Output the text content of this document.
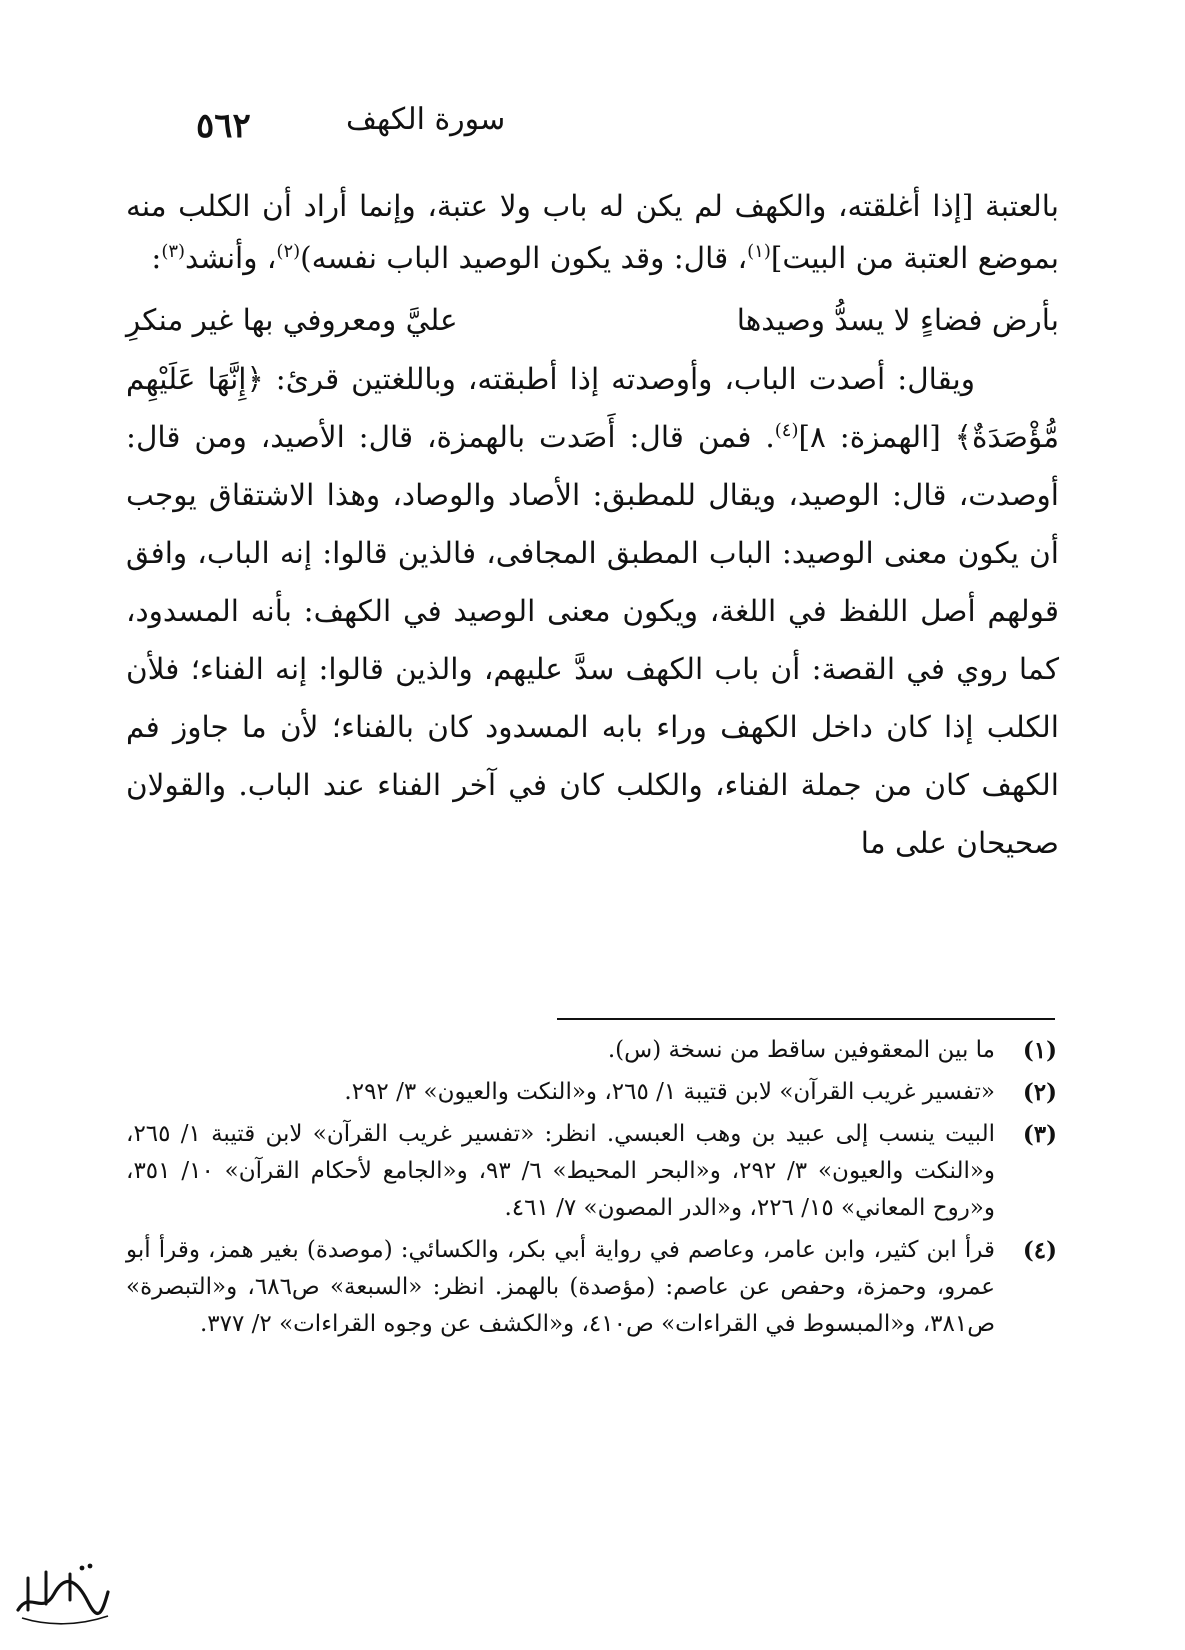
٥٦٢	سورة الكهف

بالعتبة [إذا أغلقته، والكهف لم يكن له باب ولا عتبة، وإنما أراد أن الكلب منه بموضع العتبة من البيت]$^{(١)}$، قال: وقد يكون الوصيد الباب نفسه)$^{(٢)}$، وأنشد$^{(٣)}$:

بأرض فضاءٍ لا يسدُّ وصيدها
عليَّ ومعروفي بها غير منكرِ

ويقال: أصدت الباب، وأوصدته إذا أطبقته، وباللغتين قرئ: ﴿إِنَّهَا عَلَيْهِم مُّؤْصَدَةٌ﴾ [الهمزة: ٨]$^{(٤)}$. فمن قال: أَصَدت بالهمزة، قال: الأصيد، ومن قال: أوصدت، قال: الوصيد، ويقال للمطبق: الأصاد والوصاد، وهذا الاشتقاق يوجب أن يكون معنى الوصيد: الباب المطبق المجافى، فالذين قالوا: إنه الباب، وافق قولهم أصل اللفظ في اللغة، ويكون معنى الوصيد في الكهف: بأنه المسدود، كما روي في القصة: أن باب الكهف سدَّ عليهم، والذين قالوا: إنه الفناء؛ فلأن الكلب إذا كان داخل الكهف وراء بابه المسدود كان بالفناء؛ لأن ما جاوز فم الكهف كان من جملة الفناء، والكلب كان في آخر الفناء عند الباب. والقولان صحيحان على ما

(١)
ما بين المعقوفين ساقط من نسخة (س).
(٢)
«تفسير غريب القرآن» لابن قتيبة ١/ ٢٦٥، و«النكت والعيون» ٣/ ٢٩٢.
(٣)
البيت ينسب إلى عبيد بن وهب العبسي. انظر: «تفسير غريب القرآن» لابن قتيبة ١/ ٢٦٥، و«النكت والعيون» ٣/ ٢٩٢، و«البحر المحيط» ٦/ ٩٣، و«الجامع لأحكام القرآن» ١٠/ ٣٥١، و«روح المعاني» ١٥/ ٢٢٦، و«الدر المصون» ٧/ ٤٦١.
(٤)
قرأ ابن كثير، وابن عامر، وعاصم في رواية أبي بكر، والكسائي: (موصدة) بغير همز، وقرأ أبو عمرو، وحمزة، وحفص عن عاصم: (مؤصدة) بالهمز. انظر: «السبعة» ص٦٨٦، و«التبصرة» ص٣٨١، و«المبسوط في القراءات» ص٤١٠، و«الكشف عن وجوه القراءات» ٢/ ٣٧٧.
